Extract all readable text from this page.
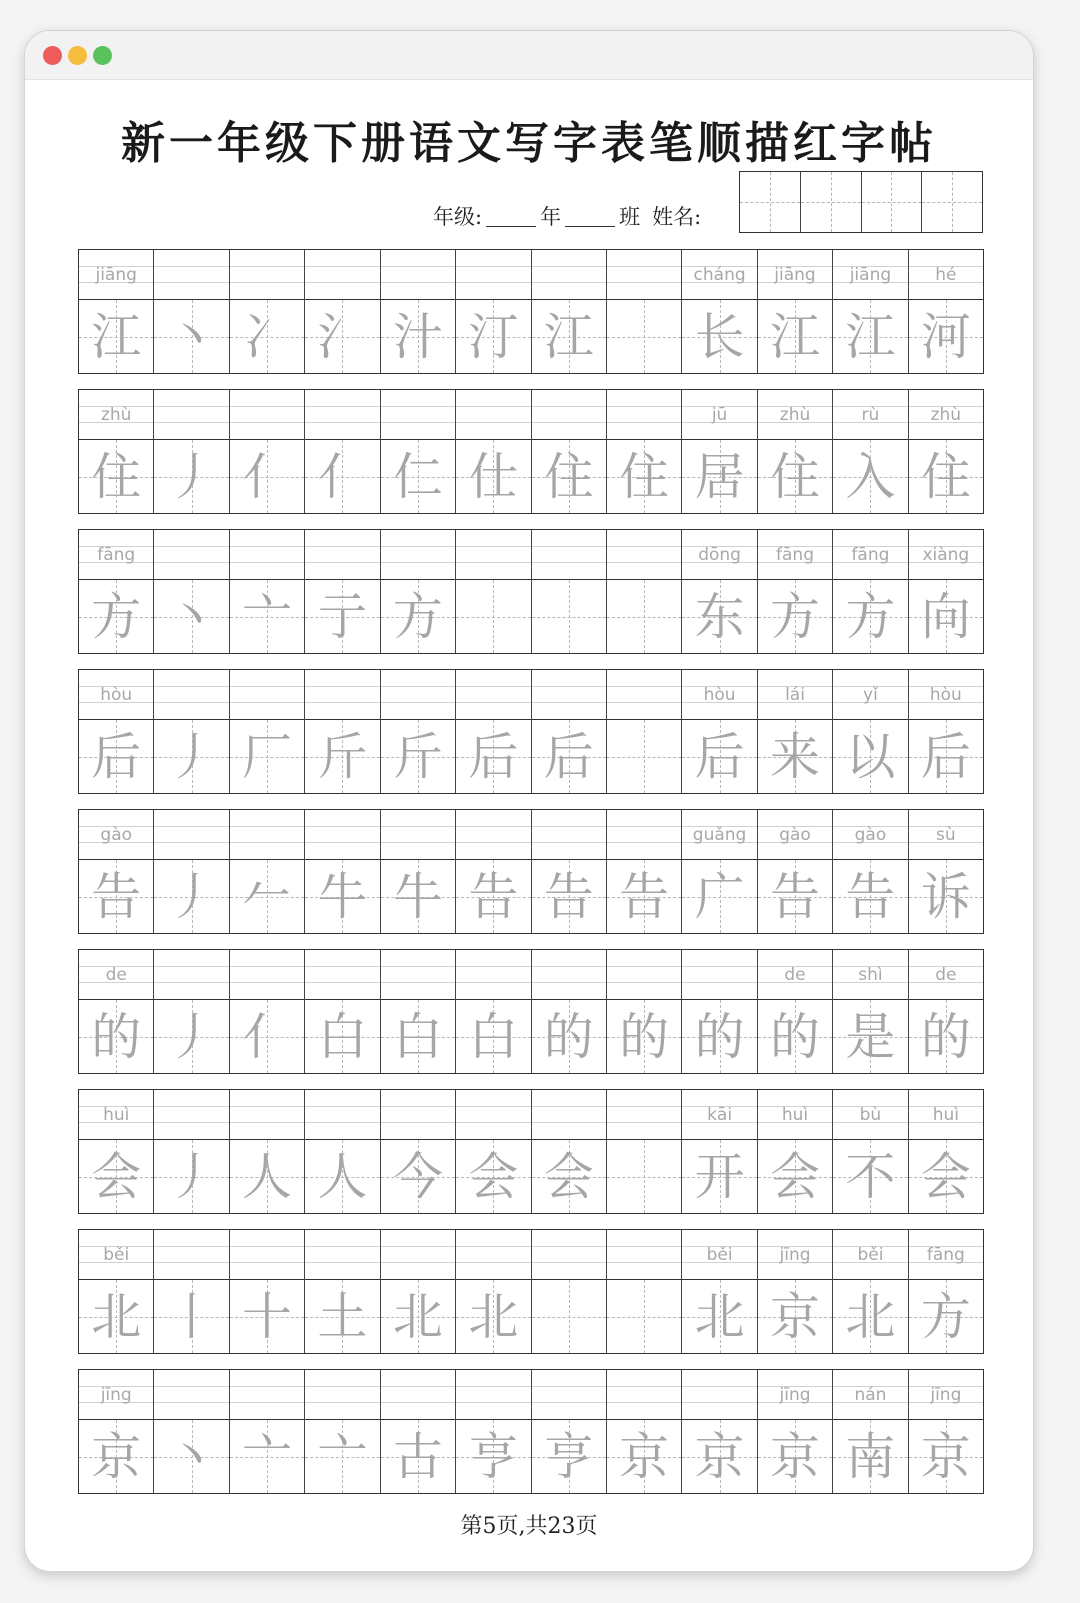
新一年级下册语文写字表笔顺描红字帖
年级:	年	班 姓名:
jiāng
江 丶 冫 氵 汁 汀 江
cháng
长
jiāng
江
jiāng
江
hé
河
zhù
住 丿 亻 亻 仁 仕 住 住
jū
居
zhù
住
rù
入
zhù
住
fāng
方 丶 亠 亍 方
dōng
东
fāng
方
fāng
方
xiàng
向
hòu
后 丿 厂 斤 斤 后 后
hòu
后
lái
来
yǐ
以
hòu
后
gào
告 丿 𠂉 牛 牛 告 告 告
guǎng
广
gào
告
gào
告
sù
诉
de
的 丿 亻 白 白 白 的 的 的
de
的
shì
是
de
的
huì
会 丿 人 人 今 会 会
kāi
开
huì
会
bù
不
huì
会
běi
北 丨 十 土 北 北
běi
北
jīng
京
běi
北
fāng
方
jīng
京 丶 亠 亠 古 亨 亨 京 京
jīng
京
nán
南
jīng
京
第5页,共23页
